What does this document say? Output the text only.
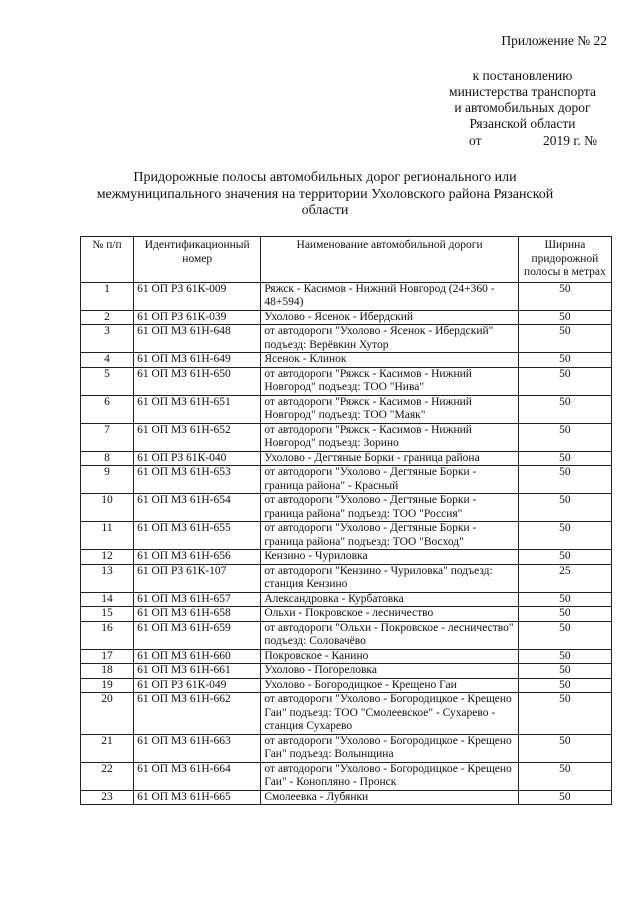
Приложение № 22
к постановлению
министерства транспорта
и автомобильных дорог
Рязанской области
от	2019 г. №
Придорожные полосы автомобильных дорог регионального или межмуниципального значения на территории Ухоловского района Рязанской области
№ п/п	Идентификационный номер	Наименование автомобильной дороги	Ширина придорожной полосы в метрах
1	61 ОП РЗ 61К-009	Ряжск - Касимов - Нижний Новгород (24+360 - 48+594)	50
2	61 ОП РЗ 61К-039	Ухолово - Ясенок - Ибердский	50
3	61 ОП МЗ 61Н-648	от автодороги "Ухолово - Ясенок - Ибердский" подъезд: Верёвкин Хутор	50
4	61 ОП МЗ 61Н-649	Ясенок - Клинок	50
5	61 ОП МЗ 61Н-650	от автодороги "Ряжск - Касимов - Нижний Новгород" подъезд: ТОО "Нива"	50
6	61 ОП МЗ 61Н-651	от автодороги "Ряжск - Касимов - Нижний Новгород" подъезд: ТОО "Маяк"	50
7	61 ОП МЗ 61Н-652	от автодороги "Ряжск - Касимов - Нижний Новгород" подъезд: Зорино	50
8	61 ОП РЗ 61К-040	Ухолово - Дегтяные Борки - граница района	50
9	61 ОП МЗ 61Н-653	от автодороги "Ухолово - Дегтяные Борки - граница района" - Красный	50
10	61 ОП МЗ 61Н-654	от автодороги "Ухолово - Дегтяные Борки - граница района" подъезд: ТОО "Россия"	50
11	61 ОП МЗ 61Н-655	от автодороги "Ухолово - Дегтяные Борки - граница района" подъезд: ТОО "Восход"	50
12	61 ОП МЗ 61Н-656	Кензино - Чуриловка	50
13	61 ОП РЗ 61К-107	от автодороги "Кензино - Чуриловка" подъезд: станция Кензино	25
14	61 ОП МЗ 61Н-657	Александровка - Курбатовка	50
15	61 ОП МЗ 61Н-658	Ольхи - Покровское - лесничество	50
16	61 ОП МЗ 61Н-659	от автодороги "Ольхи - Покровское - лесничество" подъезд: Соловачёво	50
17	61 ОП МЗ 61Н-660	Покровское - Канино	50
18	61 ОП МЗ 61Н-661	Ухолово - Погореловка	50
19	61 ОП РЗ 61К-049	Ухолово - Богородицкое - Крещено Гаи	50
20	61 ОП МЗ 61Н-662	от автодороги "Ухолово - Богородицкое - Крещено Гаи" подъезд: ТОО "Смолеевское" - Сухарево - станция Сухарево	50
21	61 ОП МЗ 61Н-663	от автодороги "Ухолово - Богородицкое - Крещено Гаи" подъезд: Волынщина	50
22	61 ОП МЗ 61Н-664	от автодороги "Ухолово - Богородицкое - Крещено Гаи" - Конопляно - Пронск	50
23	61 ОП МЗ 61Н-665	Смолеевка - Лубянки	50
